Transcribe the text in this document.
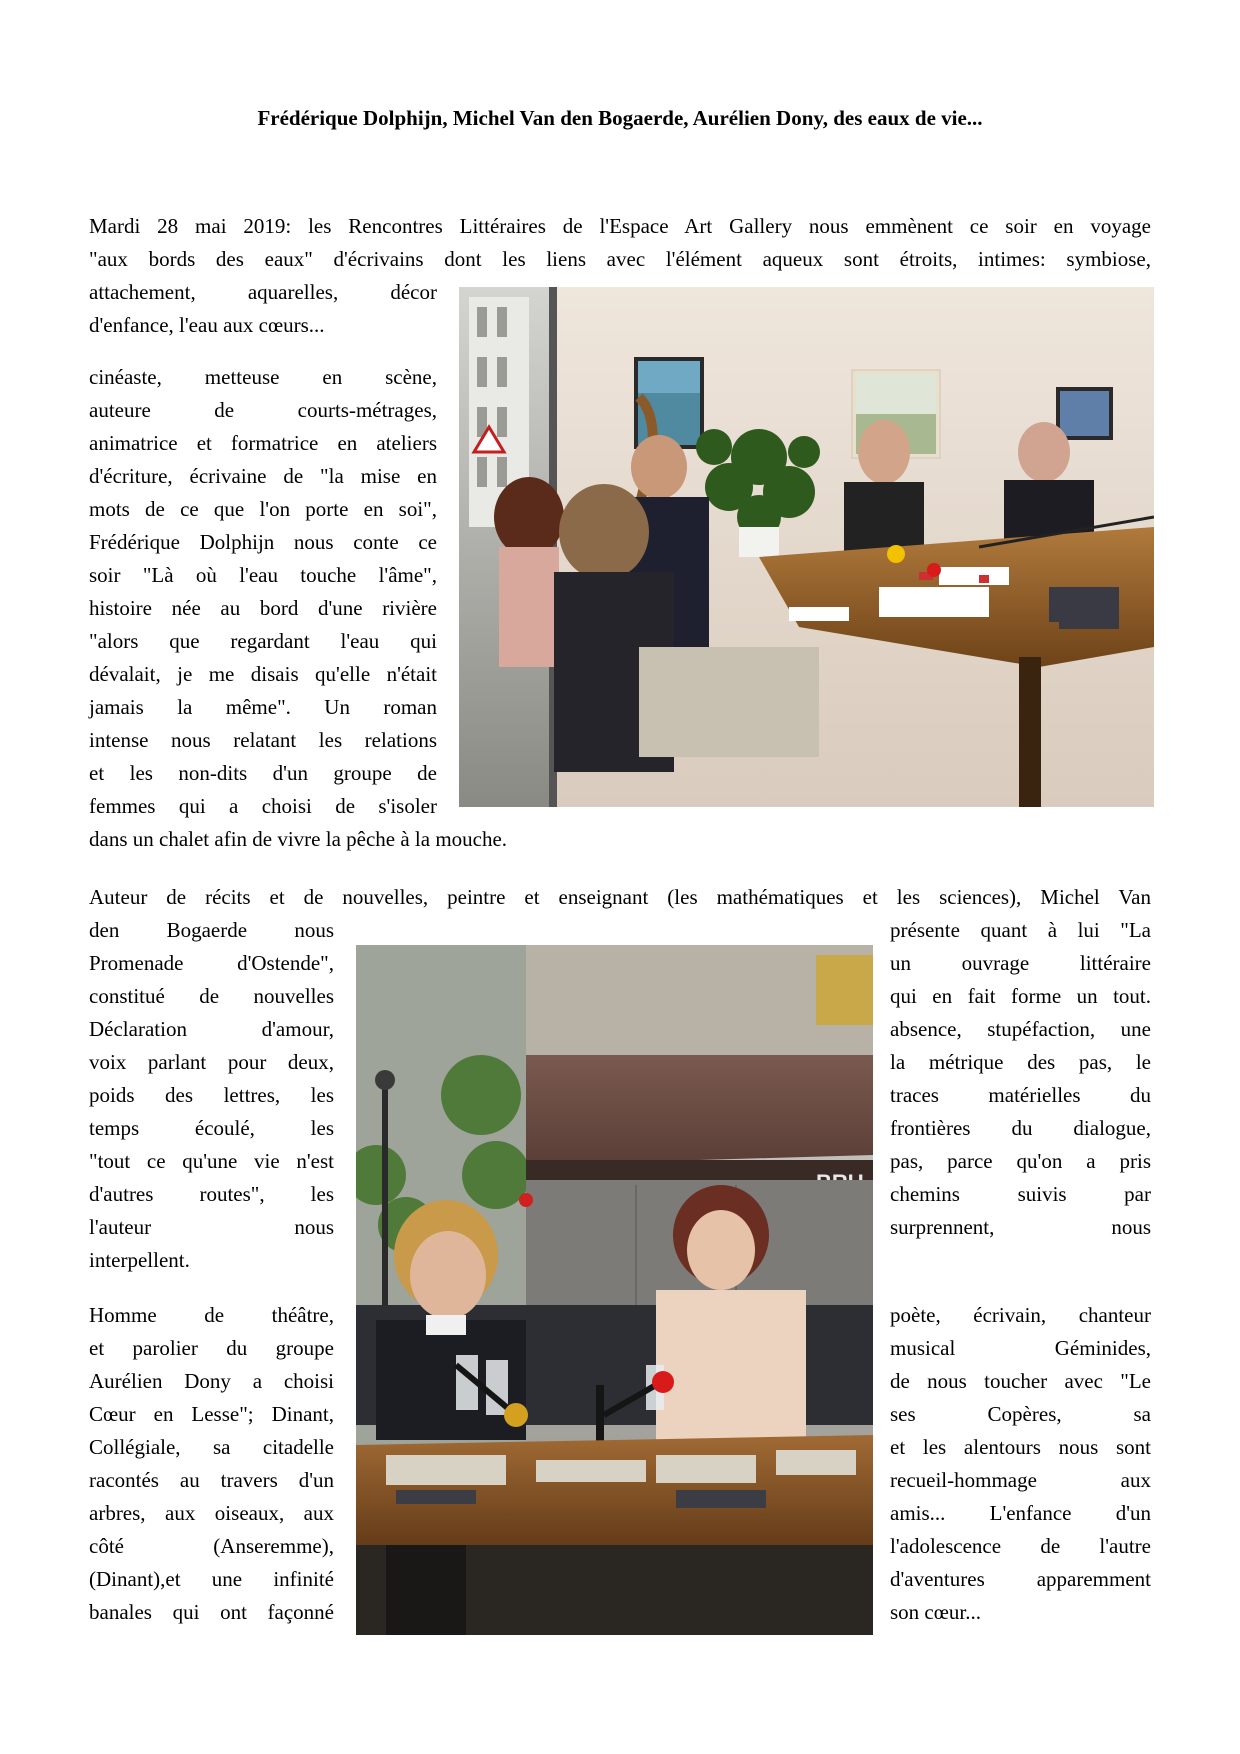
Frédérique Dolphijn, Michel Van den Bogaerde, Aurélien Dony, des eaux de vie...
Mardi 28 mai 2019: les Rencontres Littéraires de l'Espace Art Gallery nous emmènent ce soir en voyage
"aux bords des eaux" d'écrivains dont les liens avec l'élément aqueux sont étroits, intimes: symbiose,
attachement, aquarelles, décor
d'enfance, l'eau aux cœurs...
cinéaste, metteuse en scène,
auteure de courts-métrages,
animatrice et formatrice en ateliers
d'écriture, écrivaine de "la mise en
mots de ce que l'on porte en soi",
Frédérique Dolphijn nous conte ce
soir "Là où l'eau touche l'âme",
histoire née au bord d'une rivière
"alors que regardant l'eau qui
dévalait, je me disais qu'elle n'était
jamais la même". Un roman
intense nous relatant les relations
et les non-dits d'un groupe de
femmes qui a choisi de s'isoler
dans un chalet afin de vivre la pêche à la mouche.
Auteur de récits et de nouvelles, peintre et enseignant (les mathématiques et les sciences), Michel Van
den Bogaerde nous
Promenade d'Ostende",
constitué de nouvelles
Déclaration d'amour,
voix parlant pour deux,
poids des lettres, les
temps écoulé, les
"tout ce qu'une vie n'est
d'autres routes", les
l'auteur nous
interpellent.
présente quant à lui "La
un ouvrage littéraire
qui en fait forme un tout.
absence, stupéfaction, une
la métrique des pas, le
traces matérielles du
frontières du dialogue,
pas, parce qu'on a pris
chemins suivis par
surprennent, nous
Homme de théâtre,
et parolier du groupe
Aurélien Dony a choisi
Cœur en Lesse"; Dinant,
Collégiale, sa citadelle
racontés au travers d'un
arbres, aux oiseaux, aux
côté (Anseremme),
(Dinant),et une infinité
banales qui ont façonné
poète, écrivain, chanteur
musical Géminides,
de nous toucher avec "Le
ses Copères, sa
et les alentours nous sont
recueil-hommage aux
amis... L'enfance d'un
l'adolescence de l'autre
d'aventures apparemment
son cœur...
